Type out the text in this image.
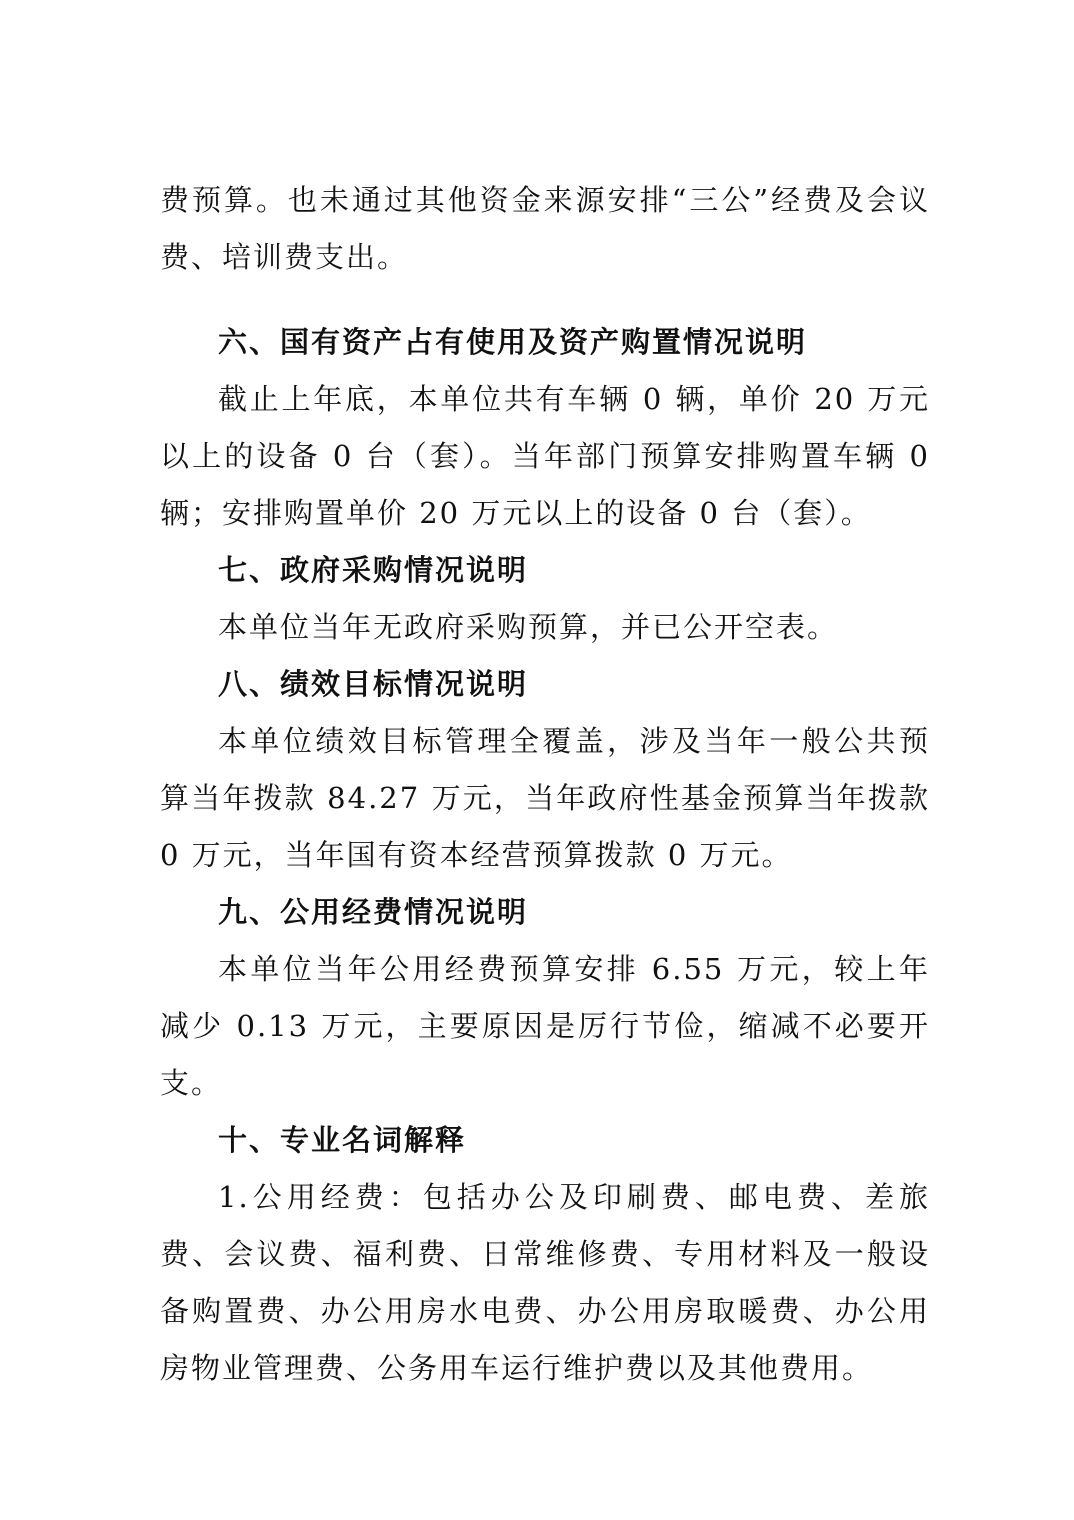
费预算。也未通过其他资金来源安排“三公”经费及会议费、培训费支出。

六、国有资产占有使用及资产购置情况说明

截止上年底，本单位共有车辆 0 辆，单价 20 万元以上的设备 0 台（套）。当年部门预算安排购置车辆 0 辆；安排购置单价 20 万元以上的设备 0 台（套）。

七、政府采购情况说明

本单位当年无政府采购预算，并已公开空表。

八、绩效目标情况说明

本单位绩效目标管理全覆盖，涉及当年一般公共预算当年拨款 84.27 万元，当年政府性基金预算当年拨款 0 万元，当年国有资本经营预算拨款 0 万元。

九、公用经费情况说明

本单位当年公用经费预算安排 6.55 万元，较上年减少 0.13 万元，主要原因是厉行节俭，缩减不必要开支。

十、专业名词解释

1.公用经费：包括办公及印刷费、邮电费、差旅费、会议费、福利费、日常维修费、专用材料及一般设备购置费、办公用房水电费、办公用房取暖费、办公用房物业管理费、公务用车运行维护费以及其他费用。
